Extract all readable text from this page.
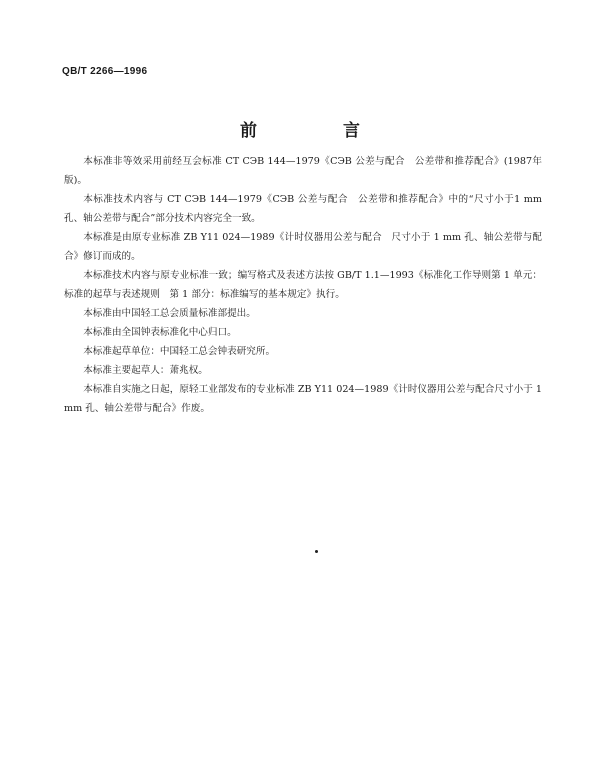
QB/T 2266—1996
前 言

本标准非等效采用前经互会标准 CT CЭB 144—1979《CЭB 公差与配合　公差带和推荐配合》(1987年版)。

本标准技术内容与 CT CЭB 144—1979《CЭB 公差与配合　公差带和推荐配合》中的“尺寸小于1 mm孔、轴公差带与配合”部分技术内容完全一致。

本标准是由原专业标准 ZB Y11 024—1989《计时仪器用公差与配合　尺寸小于 1 mm 孔、轴公差带与配合》修订而成的。

本标准技术内容与原专业标准一致；编写格式及表述方法按 GB/T 1.1—1993《标准化工作导则第 1 单元：标准的起草与表述规则　第 1 部分：标准编写的基本规定》执行。

本标准由中国轻工总会质量标准部提出。

本标准由全国钟表标准化中心归口。

本标准起草单位：中国轻工总会钟表研究所。

本标准主要起草人：萧兆权。

本标准自实施之日起，原轻工业部发布的专业标准 ZB Y11 024—1989《计时仪器用公差与配合尺寸小于 1 mm 孔、轴公差带与配合》作废。
